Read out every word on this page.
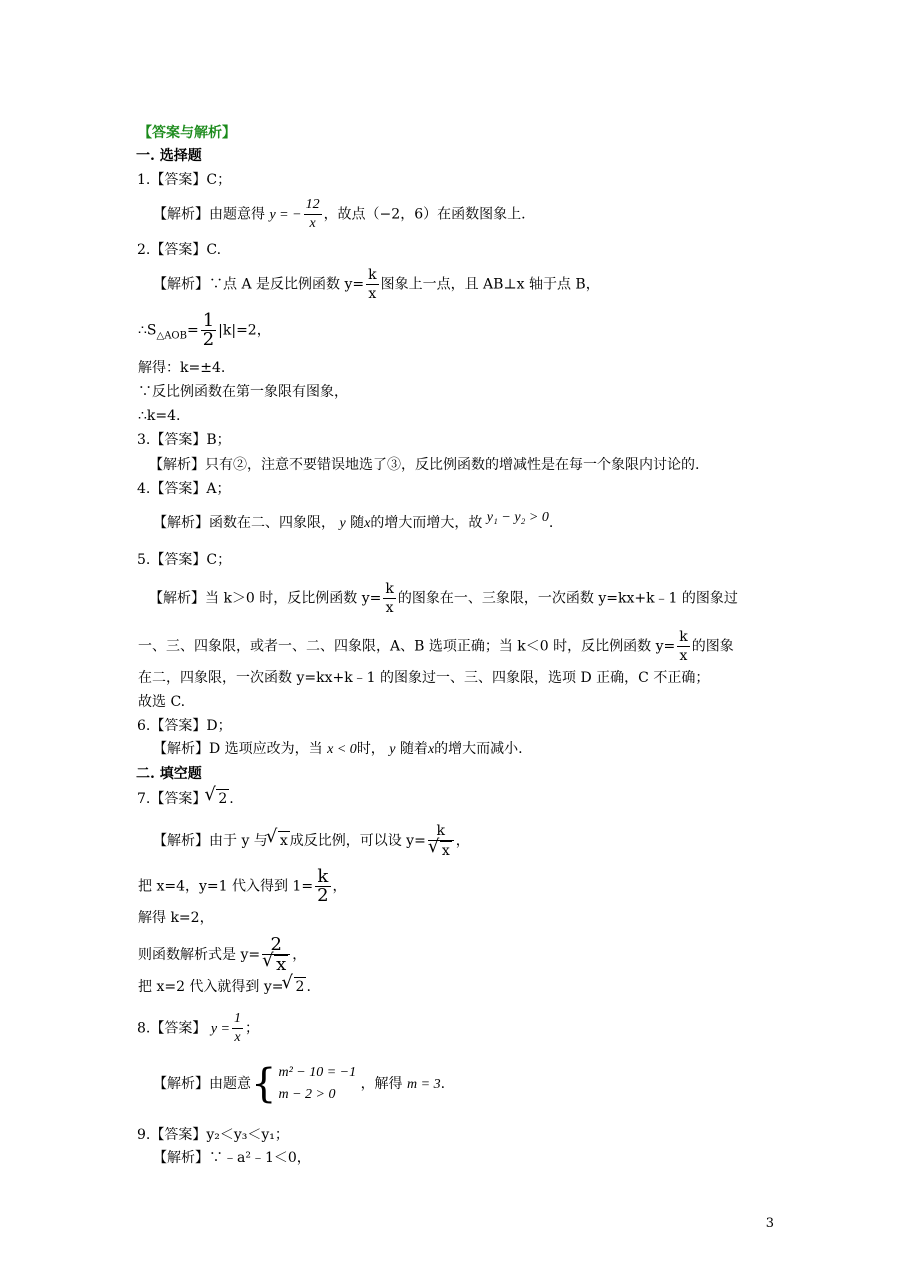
【答案与解析】
一. 选择题
1.【答案】C；
【解析】由题意得 y = − $\frac{12}{x}$ ，故点（−2，6）在函数图象上.
2.【答案】C.
【解析】∵点 A 是反比例函数 $y= \frac{k}{x}$ 图象上一点，且 AB⊥x 轴于点 B，
$\therefore S_{\triangle AOB}= \frac{1}{2} |k|=2$，
解得：k=±4.
∵反比例函数在第一象限有图象，
∴k=4.
3.【答案】B；
【解析】只有②，注意不要错误地选了③，反比例函数的增减性是在每一个象限内讨论的.
4.【答案】A；
【解析】函数在二、四象限， y 随x的增大而增大，故 y₁ − y₂ > 0.
5.【答案】C；
【解析】当 k＞0 时，反比例函数 $y= \frac{k}{x}$ 的图象在一、三象限，一次函数 y=kx+k﹣1 的图象过
一、三、四象限，或者一、二、四象限，A、B 选项正确；当 k＜0 时，反比例函数 $y= \frac{k}{x}$ 的图象
在二，四象限，一次函数 y=kx+k﹣1 的图象过一、三、四象限，选项 D 正确，C 不正确；
故选 C.
6.【答案】D；
【解析】D 选项应改为，当 x < 0时， y 随着x的增大而减小.
二. 填空题
7.【答案】 √ 2 .
【解析】由于 y 与 √ x 成反比例，可以设 y= k
√ x ，
把 x=4，y=1 代入得到 $1= \frac{k}{2}$ ，
解得 k=2，
则函数解析式是 y= 2
√ x ，
把 x=2 代入就得到 y= √ 2 .
8.【答案】 $y = \frac{1}{x}$ ；
【解析】由题意{ m² − 10 = −1
m − 2 > 0
，解得 m = 3.
9.【答案】y₂＜y₃＜y₁；
【解析】∵﹣a²﹣1＜0，
3
